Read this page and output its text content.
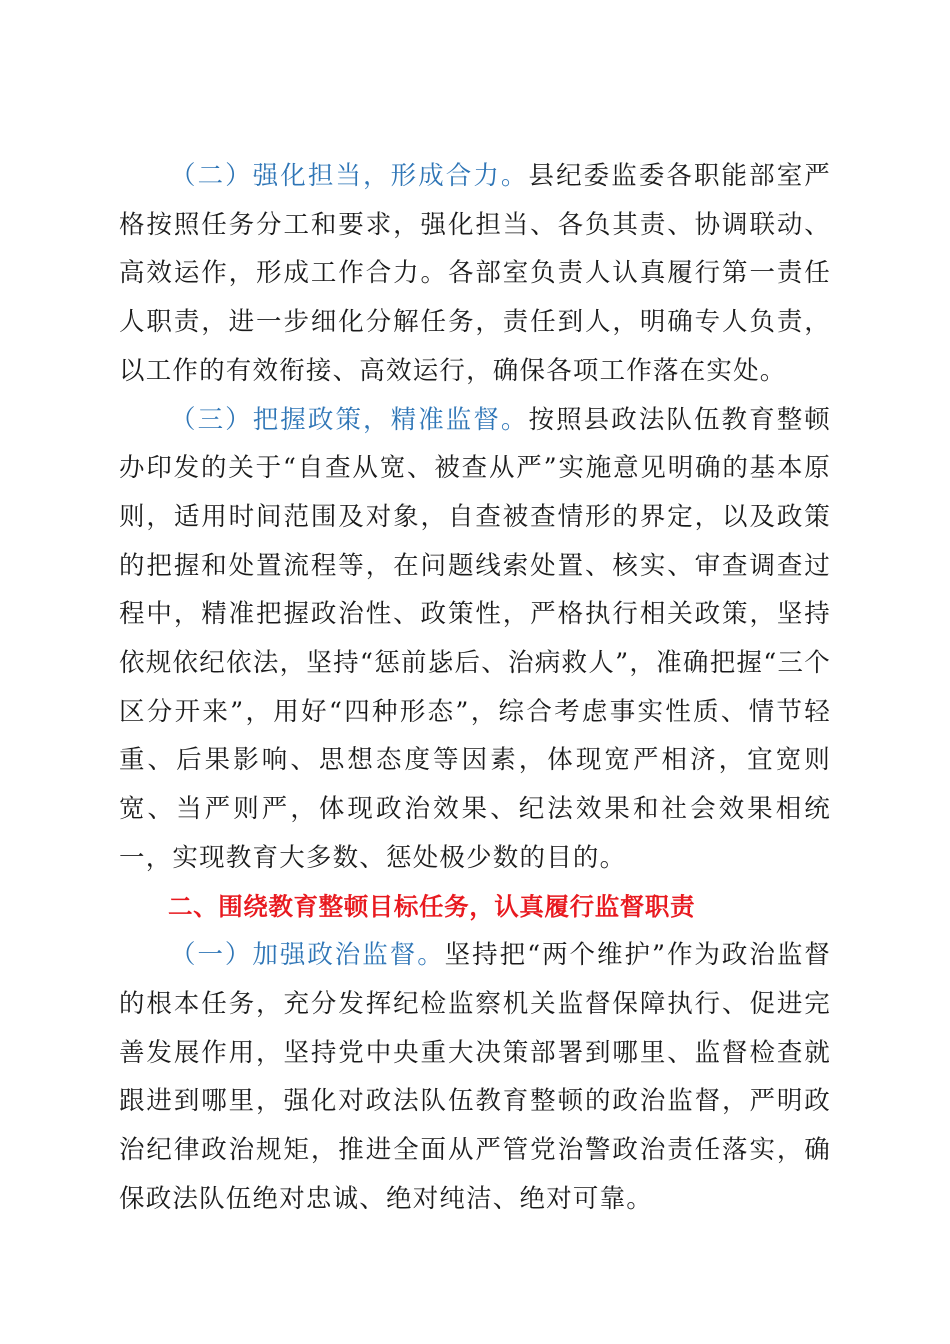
（二）强化担当，形成合力。县纪委监委各职能部室严格按照任务分工和要求，强化担当、各负其责、协调联动、高效运作，形成工作合力。各部室负责人认真履行第一责任人职责，进一步细化分解任务，责任到人，明确专人负责，以工作的有效衔接、高效运行，确保各项工作落在实处。

（三）把握政策，精准监督。按照县政法队伍教育整顿办印发的关于“自查从宽、被查从严”实施意见明确的基本原则，适用时间范围及对象，自查被查情形的界定，以及政策的把握和处置流程等，在问题线索处置、核实、审查调查过程中，精准把握政治性、政策性，严格执行相关政策，坚持依规依纪依法，坚持“惩前毖后、治病救人”，准确把握“三个区分开来”，用好“四种形态”，综合考虑事实性质、情节轻重、后果影响、思想态度等因素，体现宽严相济，宜宽则宽、当严则严，体现政治效果、纪法效果和社会效果相统一，实现教育大多数、惩处极少数的目的。

二、围绕教育整顿目标任务，认真履行监督职责

（一）加强政治监督。坚持把“两个维护”作为政治监督的根本任务，充分发挥纪检监察机关监督保障执行、促进完善发展作用，坚持党中央重大决策部署到哪里、监督检查就跟进到哪里，强化对政法队伍教育整顿的政治监督，严明政治纪律政治规矩，推进全面从严管党治警政治责任落实，确保政法队伍绝对忠诚、绝对纯洁、绝对可靠。
